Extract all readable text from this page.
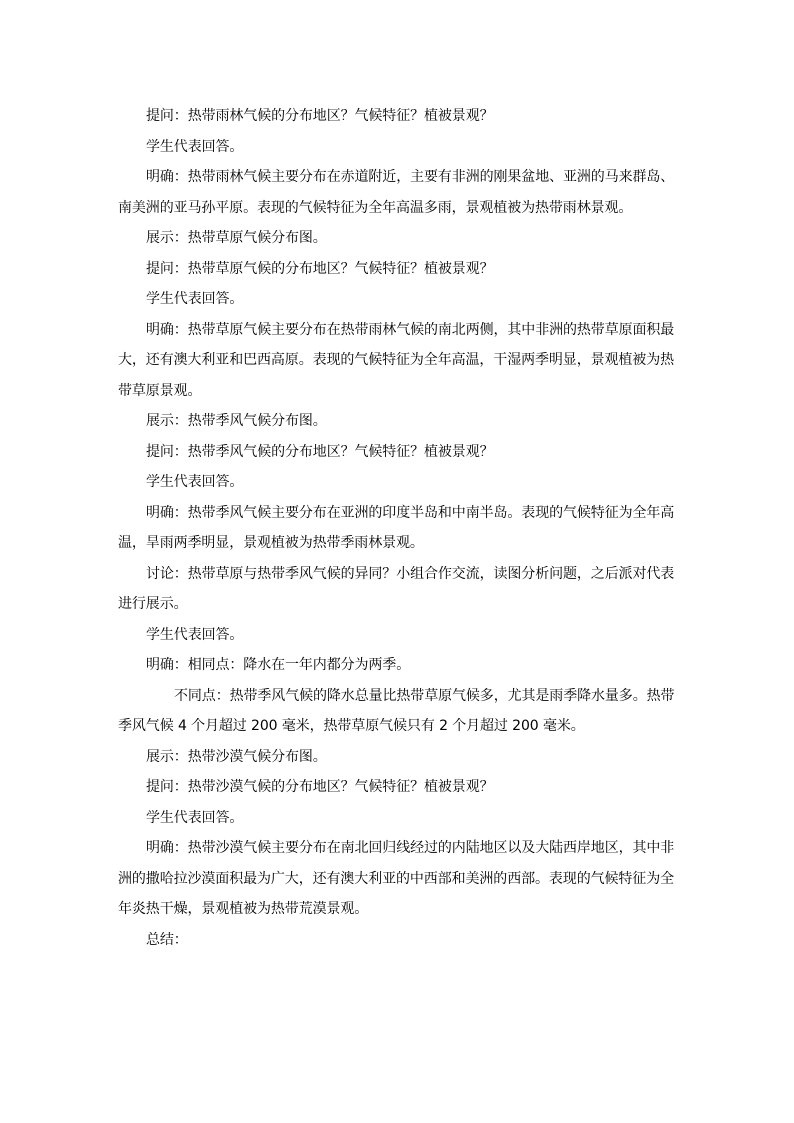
提问：热带雨林气候的分布地区？气候特征？植被景观？

学生代表回答。

明确：热带雨林气候主要分布在赤道附近，主要有非洲的刚果盆地、亚洲的马来群岛、南美洲的亚马孙平原。表现的气候特征为全年高温多雨，景观植被为热带雨林景观。

展示：热带草原气候分布图。

提问：热带草原气候的分布地区？气候特征？植被景观？

学生代表回答。

明确：热带草原气候主要分布在热带雨林气候的南北两侧，其中非洲的热带草原面积最大，还有澳大利亚和巴西高原。表现的气候特征为全年高温，干湿两季明显，景观植被为热带草原景观。

展示：热带季风气候分布图。

提问：热带季风气候的分布地区？气候特征？植被景观？

学生代表回答。

明确：热带季风气候主要分布在亚洲的印度半岛和中南半岛。表现的气候特征为全年高温，旱雨两季明显，景观植被为热带季雨林景观。

讨论：热带草原与热带季风气候的异同？小组合作交流，读图分析问题，之后派对代表进行展示。

学生代表回答。

明确：相同点：降水在一年内都分为两季。

不同点：热带季风气候的降水总量比热带草原气候多，尤其是雨季降水量多。热带季风气候 4 个月超过 200 毫米，热带草原气候只有 2 个月超过 200 毫米。

展示：热带沙漠气候分布图。

提问：热带沙漠气候的分布地区？气候特征？植被景观？

学生代表回答。

明确：热带沙漠气候主要分布在南北回归线经过的内陆地区以及大陆西岸地区，其中非洲的撒哈拉沙漠面积最为广大，还有澳大利亚的中西部和美洲的西部。表现的气候特征为全年炎热干燥，景观植被为热带荒漠景观。

总结：
